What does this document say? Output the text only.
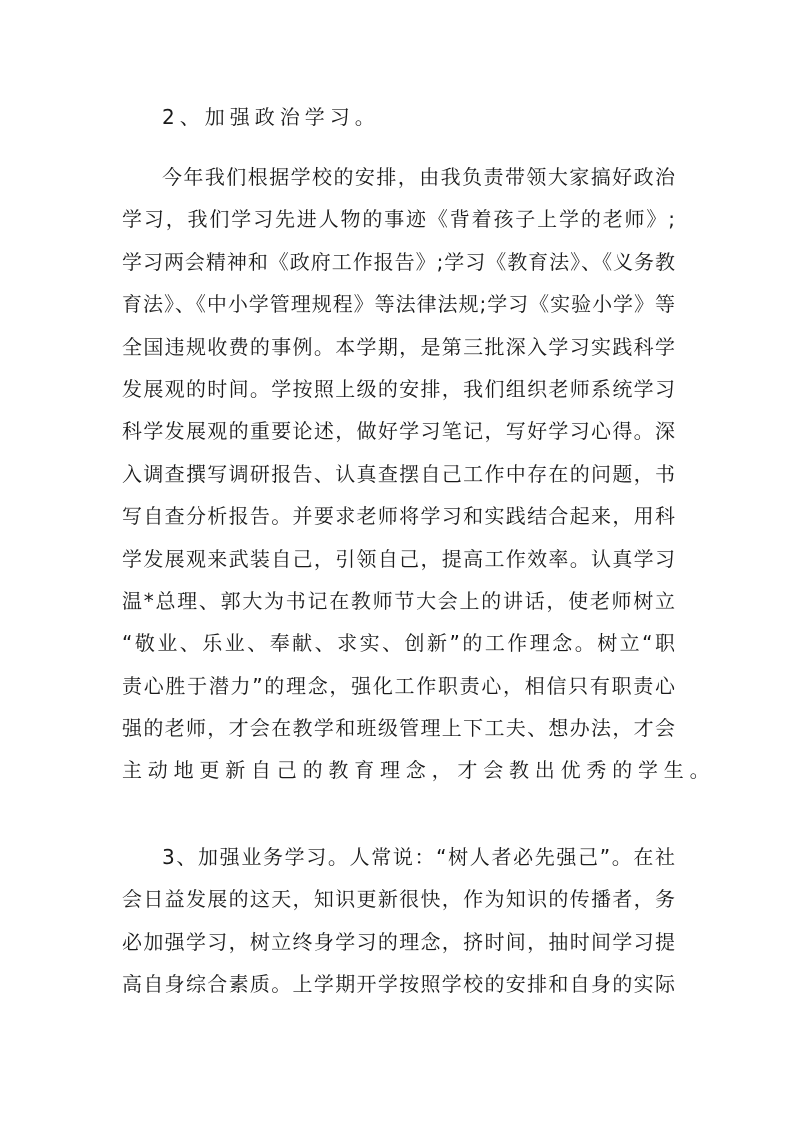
2、加强政治学习。
今年我们根据学校的安排，由我负责带领大家搞好政治
学习，我们学习先进人物的事迹《背着孩子上学的老师》;
学习两会精神和《政府工作报告》;学习《教育法》、《义务教
育法》、《中小学管理规程》等法律法规;学习《实验小学》等
全国违规收费的事例。本学期，是第三批深入学习实践科学
发展观的时间。学按照上级的安排，我们组织老师系统学习
科学发展观的重要论述，做好学习笔记，写好学习心得。深
入调查撰写调研报告、认真查摆自己工作中存在的问题，书
写自查分析报告。并要求老师将学习和实践结合起来，用科
学发展观来武装自己，引领自己，提高工作效率。认真学习
温*总理、郭大为书记在教师节大会上的讲话，使老师树立
“敬业、乐业、奉献、求实、创新”的工作理念。树立“职
责心胜于潜力”的理念，强化工作职责心，相信只有职责心
强的老师，才会在教学和班级管理上下工夫、想办法，才会
主动地更新自己的教育理念，才会教出优秀的学生。
3、加强业务学习。人常说：“树人者必先强己”。在社
会日益发展的这天，知识更新很快，作为知识的传播者，务
必加强学习，树立终身学习的理念，挤时间，抽时间学习提
高自身综合素质。上学期开学按照学校的安排和自身的实际
